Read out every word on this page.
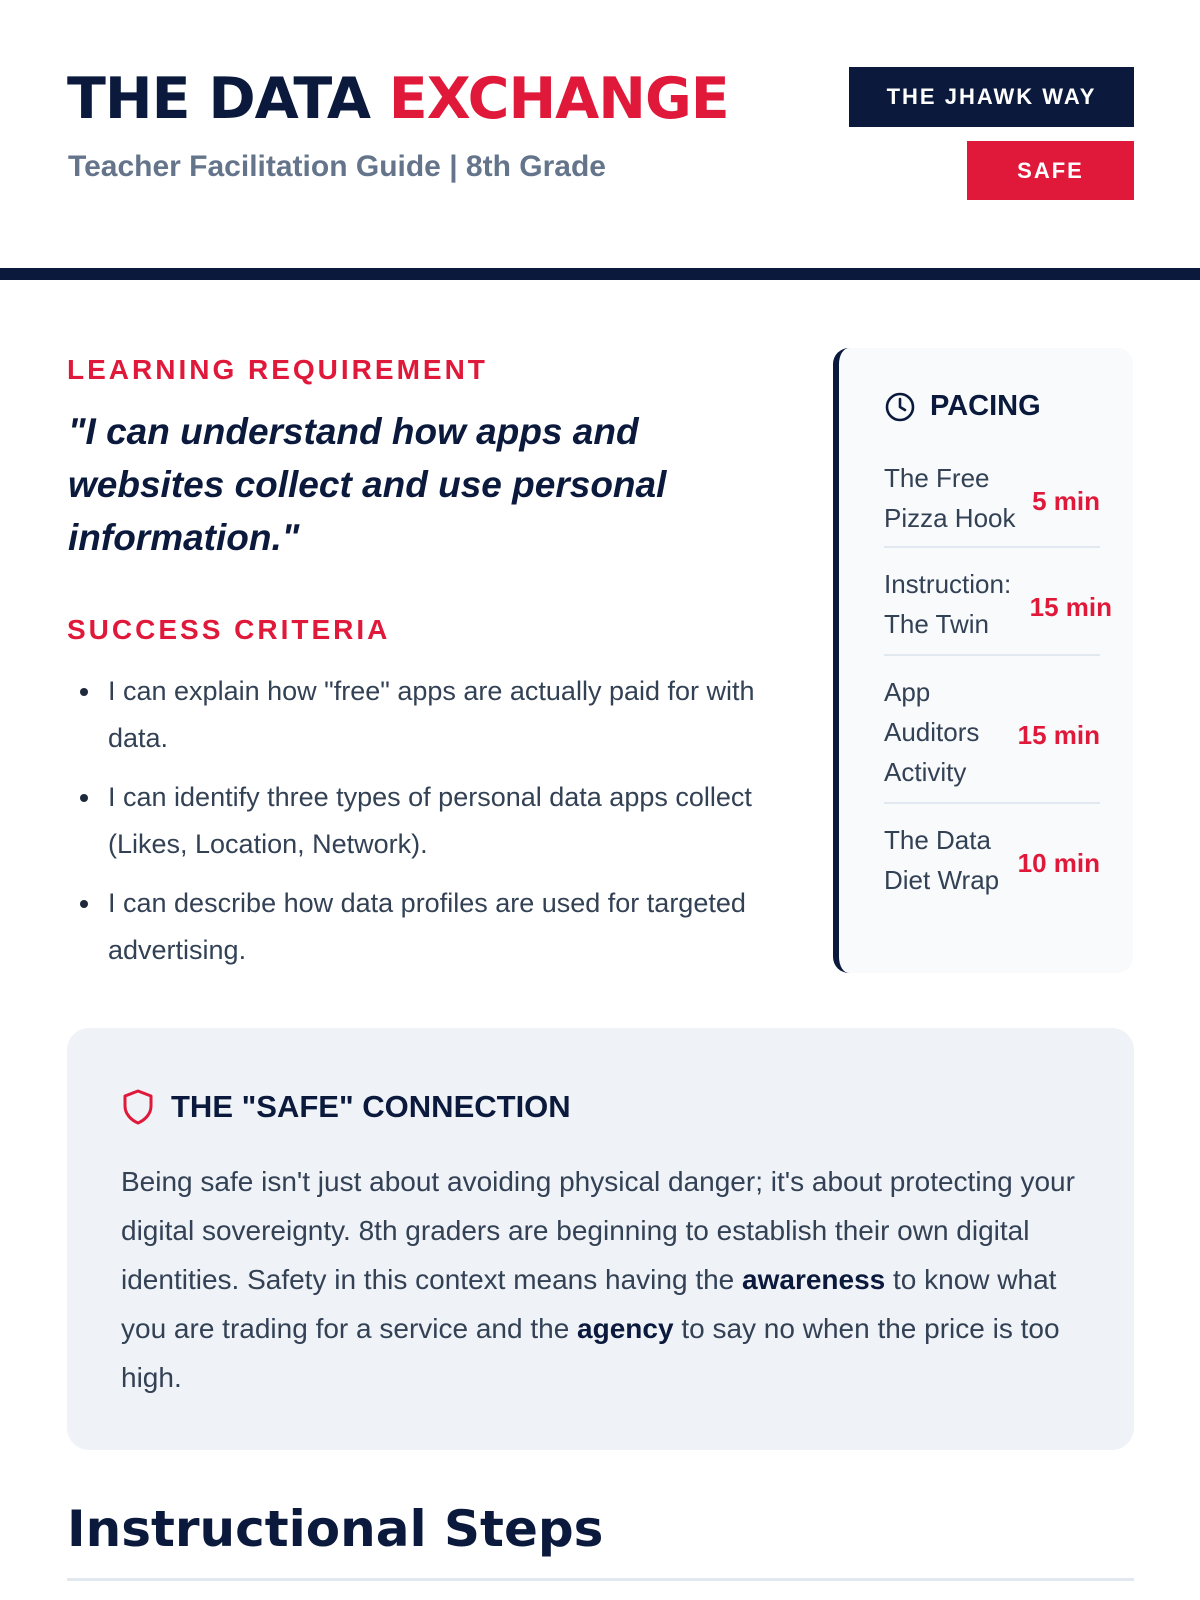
THE DATA EXCHANGE
Teacher Facilitation Guide | 8th Grade
THE JHAWK WAY
SAFE
LEARNING REQUIREMENT
"I can understand how apps and websites collect and use personal information."
SUCCESS CRITERIA
I can explain how "free" apps are actually paid for with data.
I can identify three types of personal data apps collect (Likes, Location, Network).
I can describe how data profiles are used for targeted advertising.
PACING
The Free Pizza Hook
5 min
Instruction: The Twin
15 min
App Auditors Activity
15 min
The Data Diet Wrap
10 min
THE "SAFE" CONNECTION

Being safe isn't just about avoiding physical danger; it's about protecting your digital sovereignty. 8th graders are beginning to establish their own digital identities. Safety in this context means having the awareness to know what you are trading for a service and the agency to say no when the price is too high.

Instructional Steps
